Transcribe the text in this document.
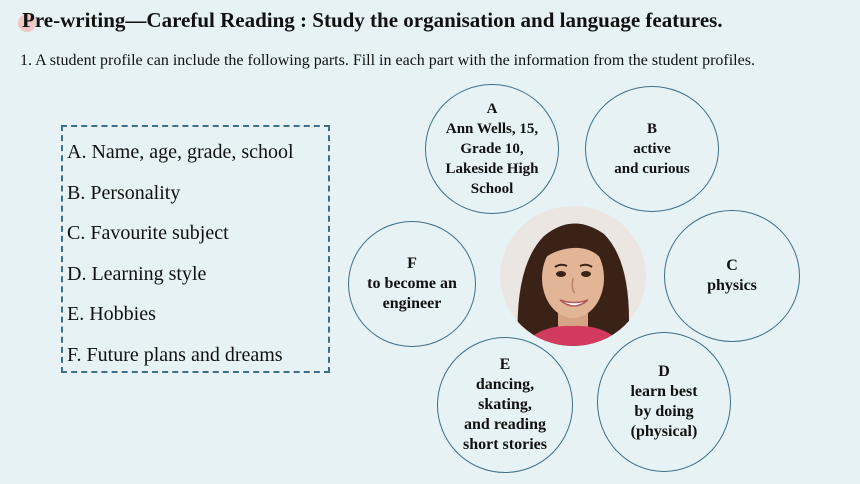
Pre-writing—Careful Reading : Study the organisation and language features.
1. A student profile can include the following parts. Fill in each part with the information from the student profiles.
A. Name, age, grade, school
B. Personality
C. Favourite subject
D. Learning style
E. Hobbies
F. Future plans and dreams
A
Ann Wells, 15,
Grade 10,
Lakeside High
School
B
active
and curious
F
to become an
engineer
C
physics
E
dancing,
skating,
and reading
short stories
D
learn best
by doing
(physical)
